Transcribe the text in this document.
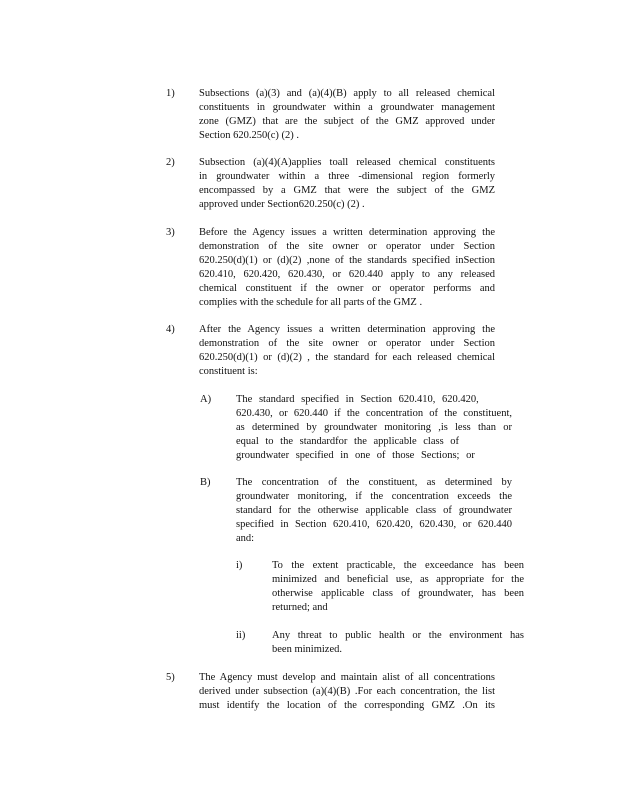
1) Subsections (a)(3) and (a)(4)(B) apply to all released chemical
constituents in groundwater within a groundwater management
zone (GMZ) that are the subject of the GMZ approved under
Section 620.250(c) (2) .
2) Subsection (a)(4)(A)applies toall released chemical constituents
in groundwater within a three -dimensional region formerly
encompassed by a GMZ that were the subject of the GMZ
approved under Section620.250(c) (2) .
3) Before the Agency issues a written determination approving the
demonstration of the site owner or operator under Section
620.250(d)(1) or (d)(2) ,none of the standards specified inSection
620.410, 620.420, 620.430, or 620.440 apply to any released
chemical constituent if the owner or operator performs and
complies with the schedule for all parts of the GMZ .
4) After the Agency issues a written determination approving the
demonstration of the site owner or operator under Section
620.250(d)(1) or (d)(2) , the standard for each released chemical
constituent is:
A) The standard specified in Section 620.410, 620.420,
620.430, or 620.440 if the concentration of the constituent,
as determined by groundwater monitoring ,is less than or
equal to the standardfor the applicable class of
groundwater specified in one of those Sections; or
B) The concentration of the constituent, as determined by
groundwater monitoring, if the concentration exceeds the
standard for the otherwise applicable class of groundwater
specified in Section 620.410, 620.420, 620.430, or 620.440
and:
i)	To the extent practicable, the exceedance has been
minimized and beneficial use, as appropriate for the
otherwise applicable class of groundwater, has been
returned; and
ii)	Any threat to public health or the environment has
been minimized.
5) The Agency must develop and maintain alist of all concentrations
derived under subsection (a)(4)(B) .For each concentration, the list
must identify the location of the corresponding GMZ .On its
